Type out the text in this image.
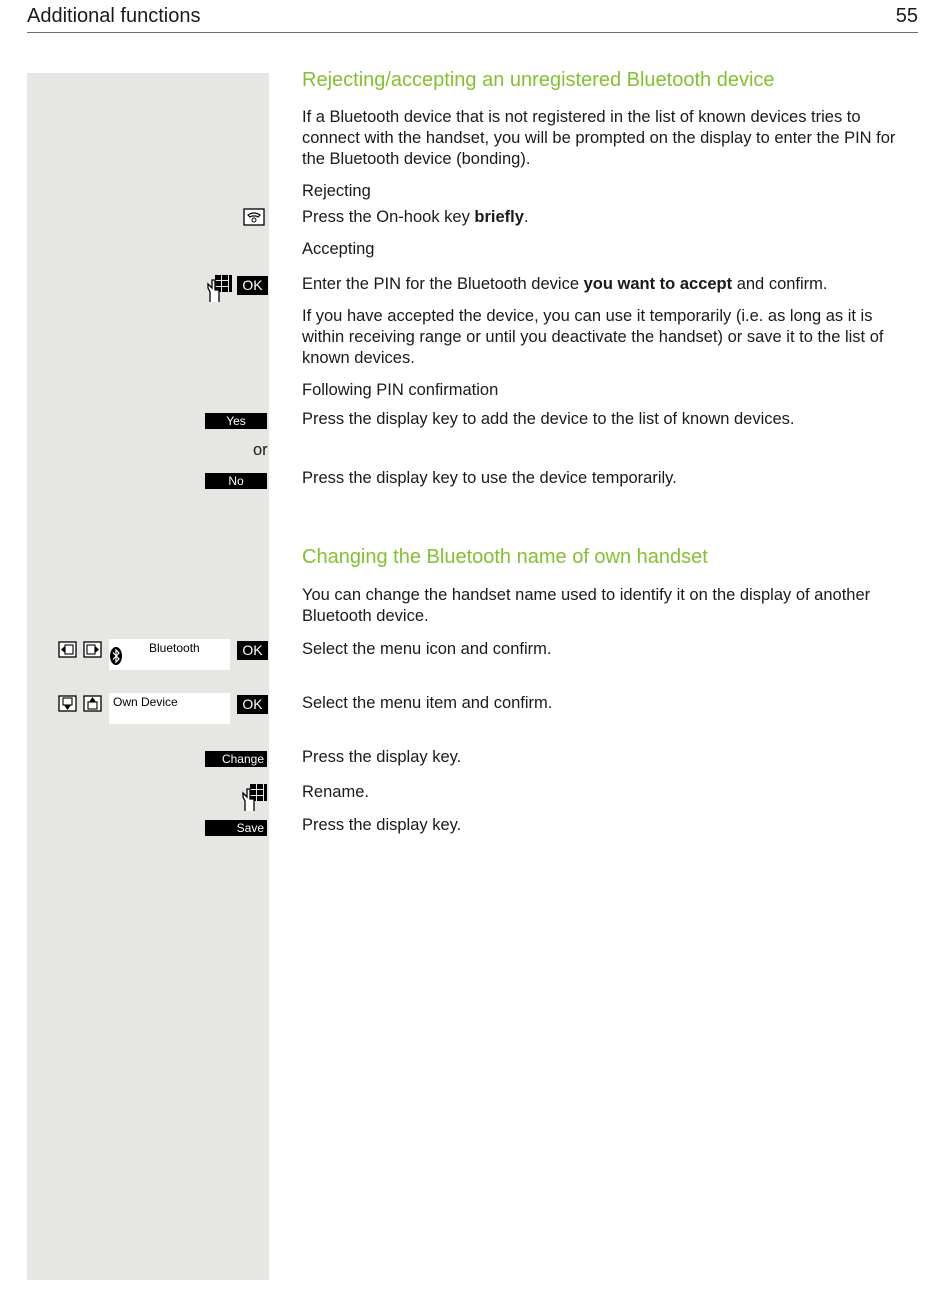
Additional functions	55
Rejecting/accepting an unregistered Bluetooth device
If a Bluetooth device that is not registered in the list of known devices tries to connect with the handset, you will be prompted on the display to enter the PIN for the Bluetooth device (bonding).
Rejecting
Press the On-hook key briefly.
Accepting
OK	Enter the PIN for the Bluetooth device you want to accept and confirm.
If you have accepted the device, you can use it temporarily (i.e. as long as it is within receiving range or until you deactivate the handset) or save it to the list of known devices.
Following PIN confirmation
Yes	Press the display key to add the device to the list of known devices.
or
No	Press the display key to use the device temporarily.
Changing the Bluetooth name of own handset
You can change the handset name used to identify it on the display of another Bluetooth device.
Bluetooth	OK	Select the menu icon and confirm.
Own Device	OK	Select the menu item and confirm.
Change Press the display key.
Rename.
Save Press the display key.
